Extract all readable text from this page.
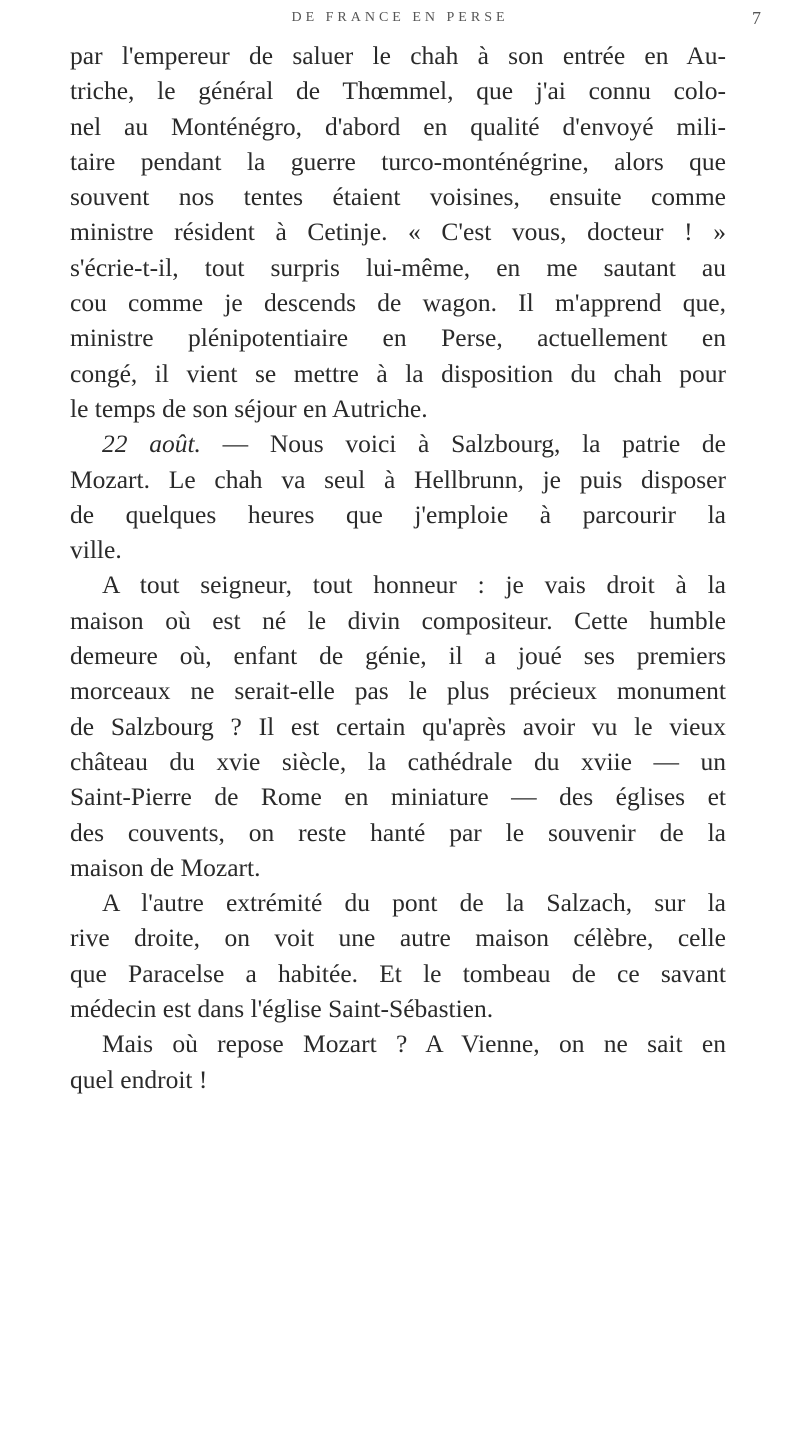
DE FRANCE EN PERSE	7
par l'empereur de saluer le chah à son entrée en Au-
triche, le général de Thœmmel, que j'ai connu colo-
nel au Monténégro, d'abord en qualité d'envoyé mili-
taire pendant la guerre turco-monténégrine, alors que
souvent nos tentes étaient voisines, ensuite comme
ministre résident à Cetinje. « C'est vous, docteur ! »
s'écrie-t-il, tout surpris lui-même, en me sautant au
cou comme je descends de wagon. Il m'apprend que,
ministre plénipotentiaire en Perse, actuellement en
congé, il vient se mettre à la disposition du chah pour
le temps de son séjour en Autriche.
22 août. — Nous voici à Salzbourg, la patrie de
Mozart. Le chah va seul à Hellbrunn, je puis disposer
de quelques heures que j'emploie à parcourir la
ville.
A tout seigneur, tout honneur : je vais droit à la
maison où est né le divin compositeur. Cette humble
demeure où, enfant de génie, il a joué ses premiers
morceaux ne serait-elle pas le plus précieux monument
de Salzbourg ? Il est certain qu'après avoir vu le vieux
château du xvie siècle, la cathédrale du xviie — un
Saint-Pierre de Rome en miniature — des églises et
des couvents, on reste hanté par le souvenir de la
maison de Mozart.
A l'autre extrémité du pont de la Salzach, sur la
rive droite, on voit une autre maison célèbre, celle
que Paracelse a habitée. Et le tombeau de ce savant
médecin est dans l'église Saint-Sébastien.
Mais où repose Mozart ? A Vienne, on ne sait en
quel endroit !
